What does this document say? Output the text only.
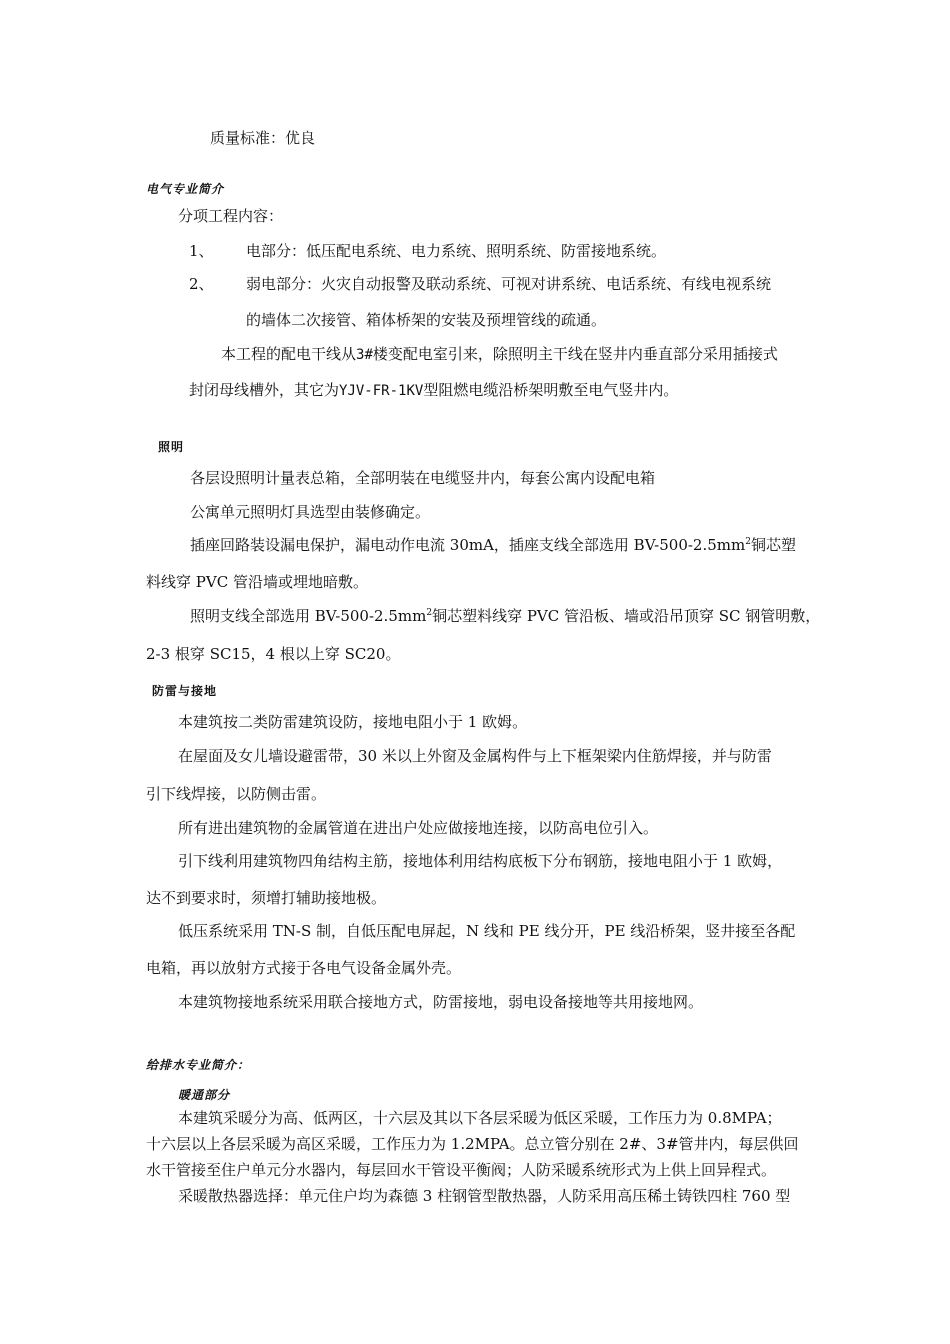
质量标准：优良
电气专业简介
分项工程内容：
1、 电部分：低压配电系统、电力系统、照明系统、防雷接地系统。
2、 弱电部分：火灾自动报警及联动系统、可视对讲系统、电话系统、有线电视系统
的墙体二次接管、箱体桥架的安装及预埋管线的疏通。
本工程的配电干线从3#楼变配电室引来，除照明主干线在竖井内垂直部分采用插接式
封闭母线槽外，其它为YJV-FR-1KV型阻燃电缆沿桥架明敷至电气竖井内。
照明
各层设照明计量表总箱，全部明装在电缆竖井内，每套公寓内设配电箱
公寓单元照明灯具选型由装修确定。
插座回路装设漏电保护，漏电动作电流 30mA，插座支线全部选用 $BV-500-2.5mm^2$铜芯塑
料线穿 PVC 管沿墙或埋地暗敷。
照明支线全部选用 $BV-500-2.5mm^2$铜芯塑料线穿 PVC 管沿板、墙或沿吊顶穿 SC 钢管明敷，
2-3 根穿 SC15，4 根以上穿 SC20。
防雷与接地
本建筑按二类防雷建筑设防，接地电阻小于 1 欧姆。
在屋面及女儿墙设避雷带，30 米以上外窗及金属构件与上下框架梁内住筋焊接，并与防雷
引下线焊接，以防侧击雷。
所有进出建筑物的金属管道在进出户处应做接地连接，以防高电位引入。
引下线利用建筑物四角结构主筋，接地体利用结构底板下分布钢筋，接地电阻小于 1 欧姆，
达不到要求时，须增打辅助接地极。
低压系统采用 TN-S 制，自低压配电屏起，N 线和 PE 线分开，PE 线沿桥架，竖井接至各配
电箱，再以放射方式接于各电气设备金属外壳。
本建筑物接地系统采用联合接地方式，防雷接地，弱电设备接地等共用接地网。
给排水专业简介：
暖通部分
本建筑采暖分为高、低两区，十六层及其以下各层采暖为低区采暖，工作压力为 0.8MPA；
十六层以上各层采暖为高区采暖，工作压力为 1.2MPA。总立管分别在 2#、3#管井内，每层供回
水干管接至住户单元分水器内，每层回水干管设平衡阀；人防采暖系统形式为上供上回异程式。
采暖散热器选择：单元住户均为森德 3 柱钢管型散热器，人防采用高压稀土铸铁四柱 760 型
